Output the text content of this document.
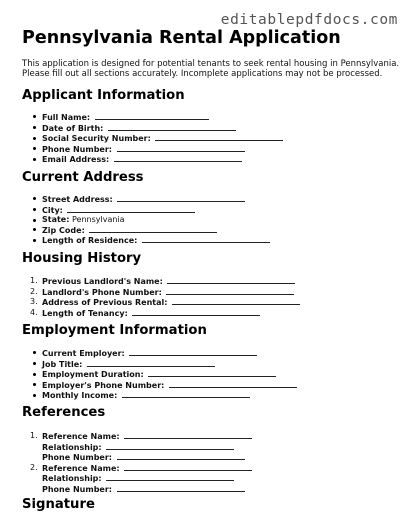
editablepdfdocs.com
Pennsylvania Rental Application
This application is designed for potential tenants to seek rental housing in Pennsylvania.
Please fill out all sections accurately. Incomplete applications may not be processed.
Applicant Information
Full Name:
Date of Birth:
Social Security Number:
Phone Number:
Email Address:
Current Address
Street Address:
City:
State: Pennsylvania
Zip Code:
Length of Residence:
Housing History
Previous Landlord's Name:
Landlord's Phone Number:
Address of Previous Rental:
Length of Tenancy:
Employment Information
Current Employer:
Job Title:
Employment Duration:
Employer's Phone Number:
Monthly Income:
References
Reference Name:
Relationship:
Phone Number:
Reference Name:
Relationship:
Phone Number:
Signature
